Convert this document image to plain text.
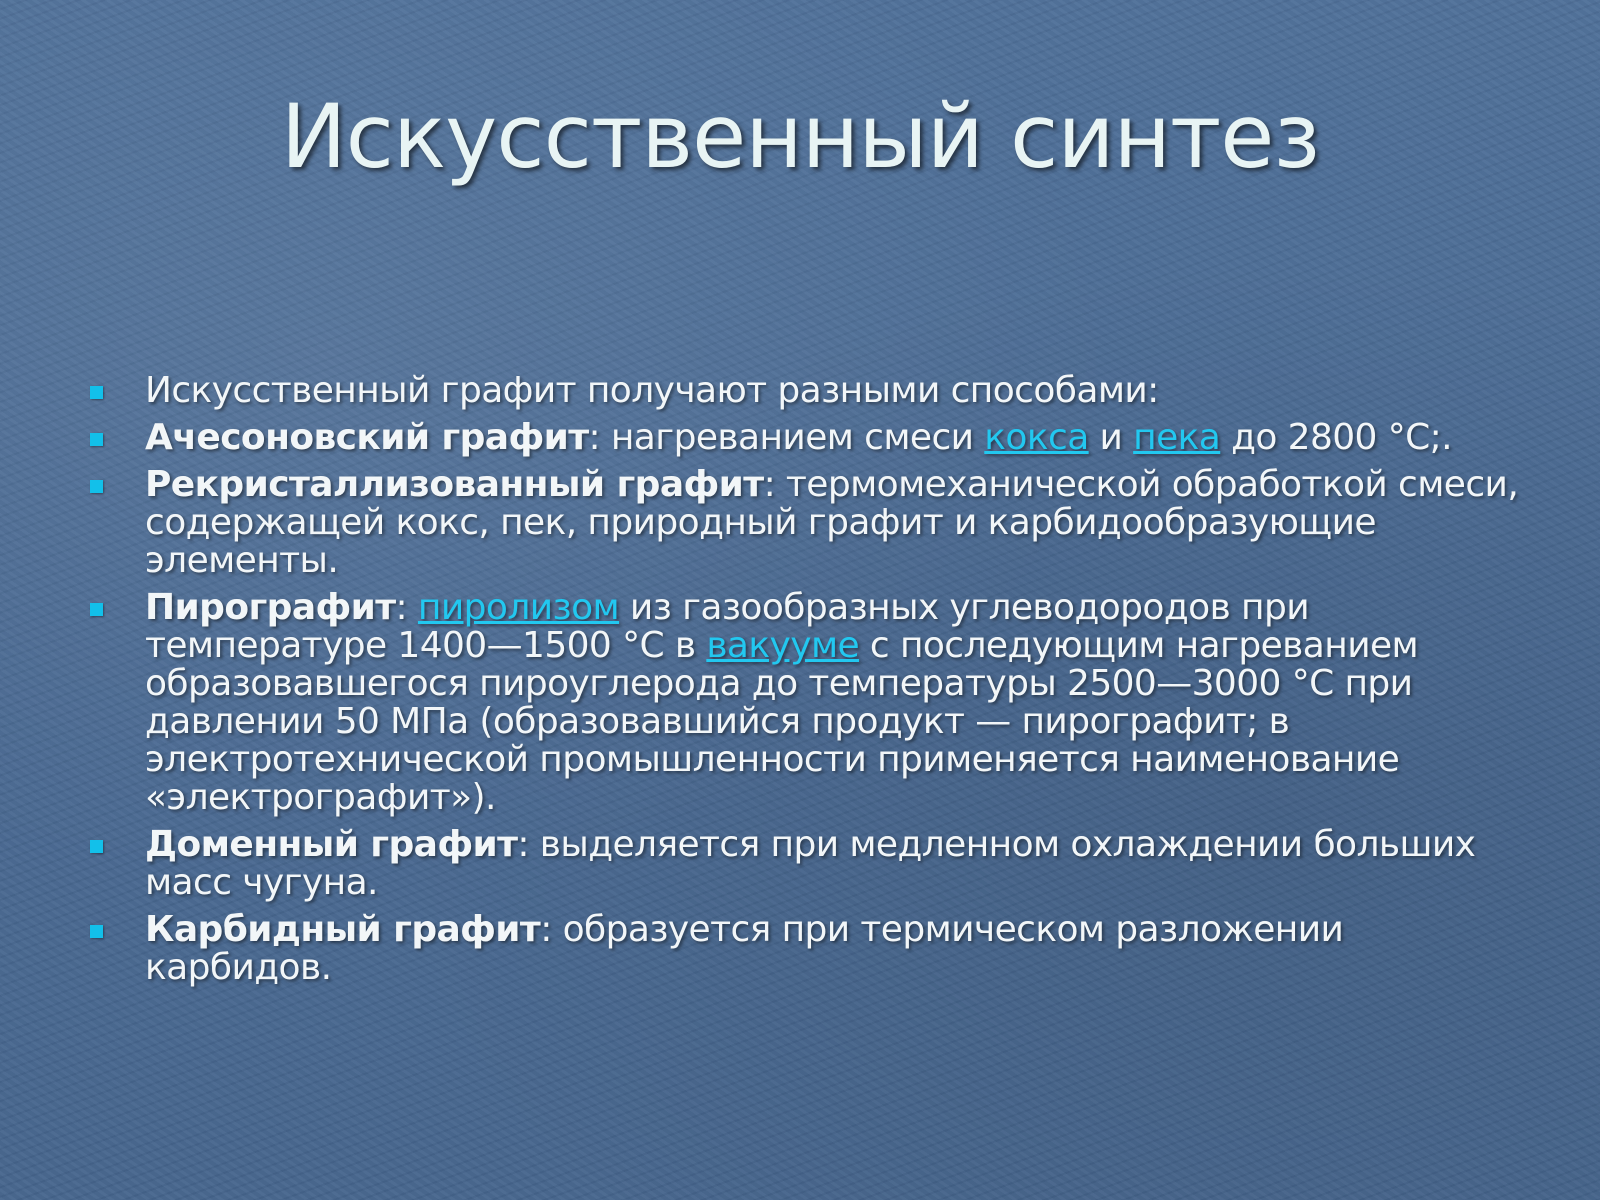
Искусственный синтез
Искусственный графит получают разными способами:
Ачесоновский графит: нагреванием смеси кокса и пека до 2800 °C;.
Рекристаллизованный графит: термомеханической обработкой смеси, содержащей кокс, пек, природный графит и карбидообразующие элементы.
Пирографит: пиролизом из газообразных углеводородов при температуре 1400—1500 °C в вакууме с последующим нагреванием образовавшегося пироуглерода до температуры 2500—3000 °C при давлении 50 МПа (образовавшийся продукт — пирографит; в электротехнической промышленности применяется наименование «электрографит»).
Доменный графит: выделяется при медленном охлаждении больших масс чугуна.
Карбидный графит: образуется при термическом разложении карбидов.
